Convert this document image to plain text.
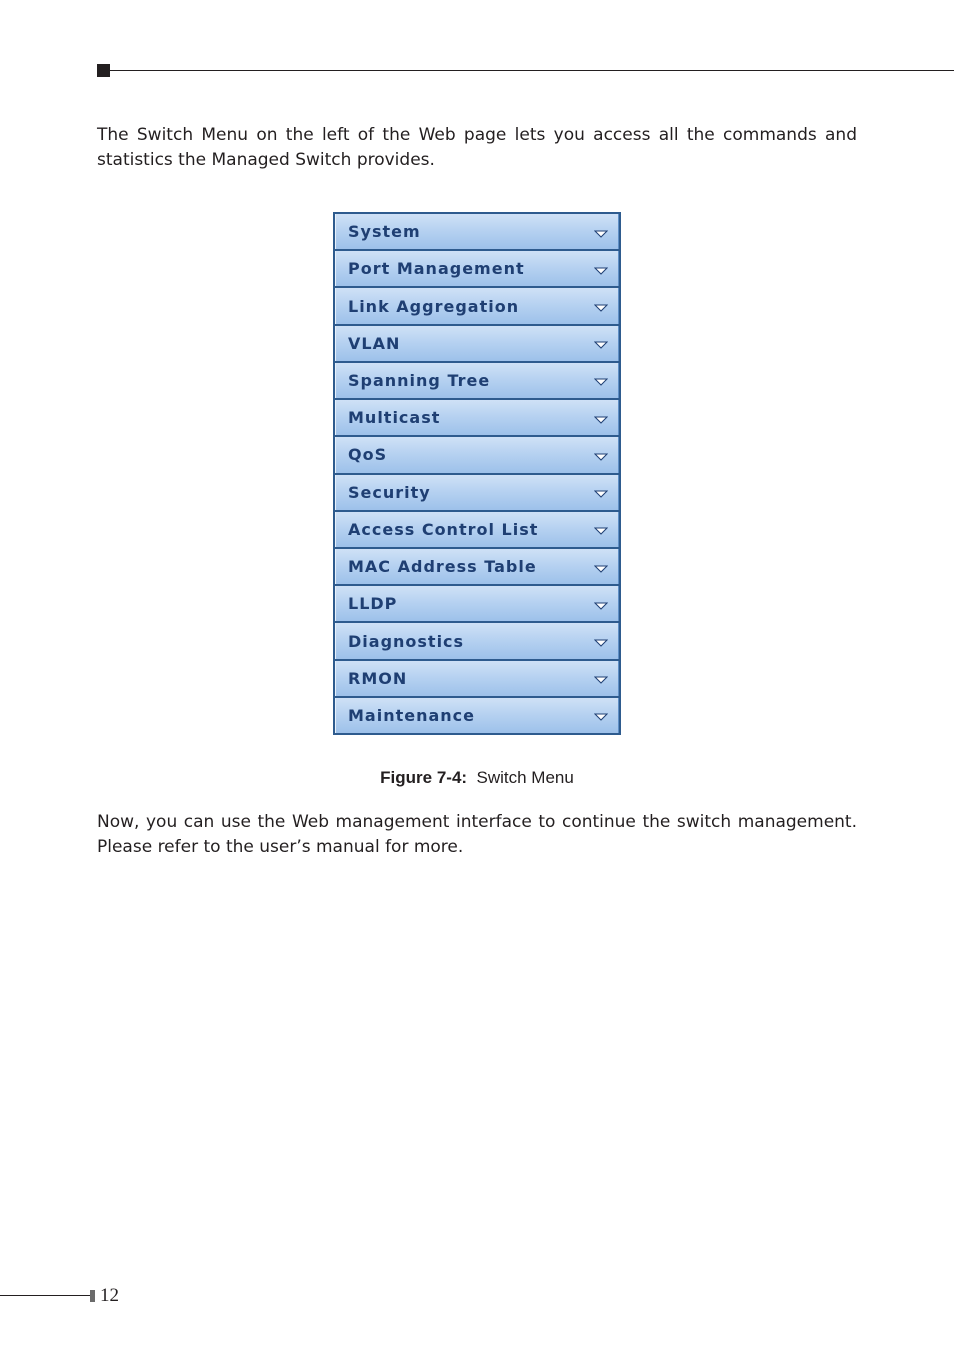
The Switch Menu on the left of the Web page lets you access all the commands and statistics the Managed Switch provides.

System
Port Management
Link Aggregation
VLAN
Spanning Tree
Multicast
QoS
Security
Access Control List
MAC Address Table
LLDP
Diagnostics
RMON
Maintenance
Figure 7-4: Switch Menu

Now, you can use the Web management interface to continue the switch management. Please refer to the user’s manual for more.

12
